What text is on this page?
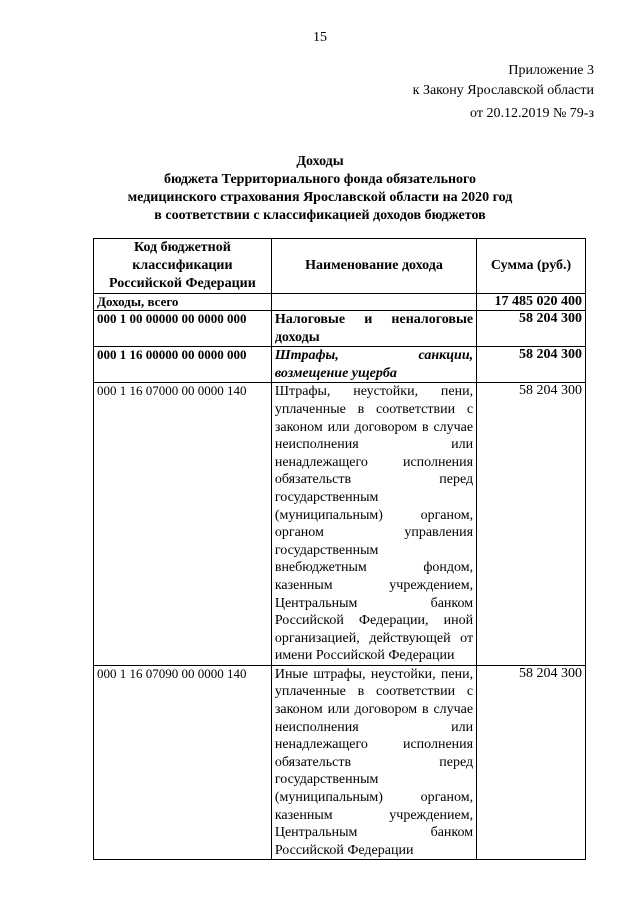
15
Приложение 3
к Закону Ярославской области
от 20.12.2019 № 79-з
Доходы
бюджета Территориального фонда обязательного
медицинского страхования Ярославской области на 2020 год
в соответствии с классификацией доходов бюджетов
Код бюджетной классификации Российской Федерации	Наименование дохода	Сумма (руб.)
Доходы, всего		17 485 020 400
000 1 00 00000 00 0000 000	Налоговые и неналоговые доходы	58 204 300
000 1 16 00000 00 0000 000	Штрафы, санкции, возмещение ущерба	58 204 300
000 1 16 07000 00 0000 140	Штрафы, неустойки, пени, уплаченные в соответствии с законом или договором в случае неисполнения или ненадлежащего исполнения обязательств перед государственным (муниципальным) органом, органом управления государственным внебюджетным фондом, казенным учреждением, Центральным банком Российской Федерации, иной организацией, действующей от имени Российской Федерации	58 204 300
000 1 16 07090 00 0000 140	Иные штрафы, неустойки, пени, уплаченные в соответствии с законом или договором в случае неисполнения или ненадлежащего исполнения обязательств перед государственным (муниципальным) органом, казенным учреждением, Центральным банком Российской Федерации	58 204 300
